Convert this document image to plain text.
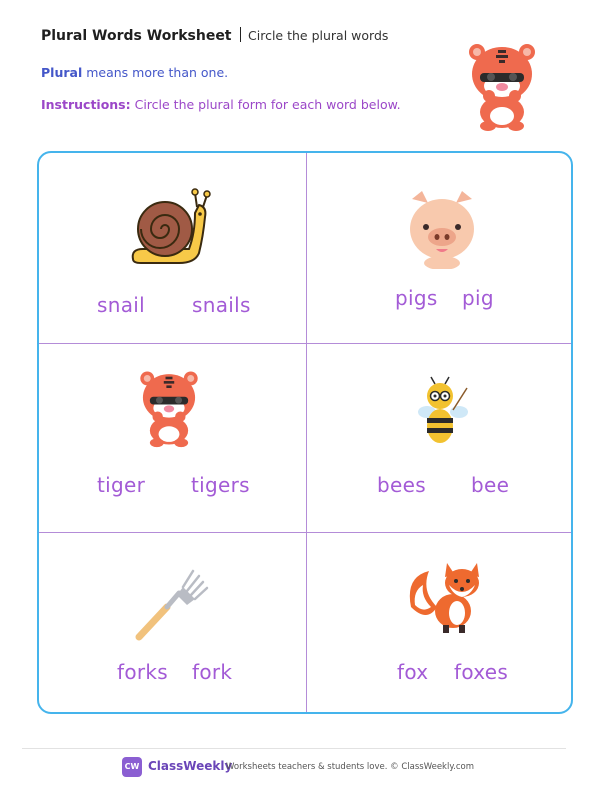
Plural Words Worksheet Circle the plural words
Plural means more than one.
Instructions: Circle the plural form for each word below.
snail snails	pigs pig
tiger tigers	bees bee
forks fork	fox foxes
CW ClassWeekly
Worksheets teachers & students love. © ClassWeekly.com
